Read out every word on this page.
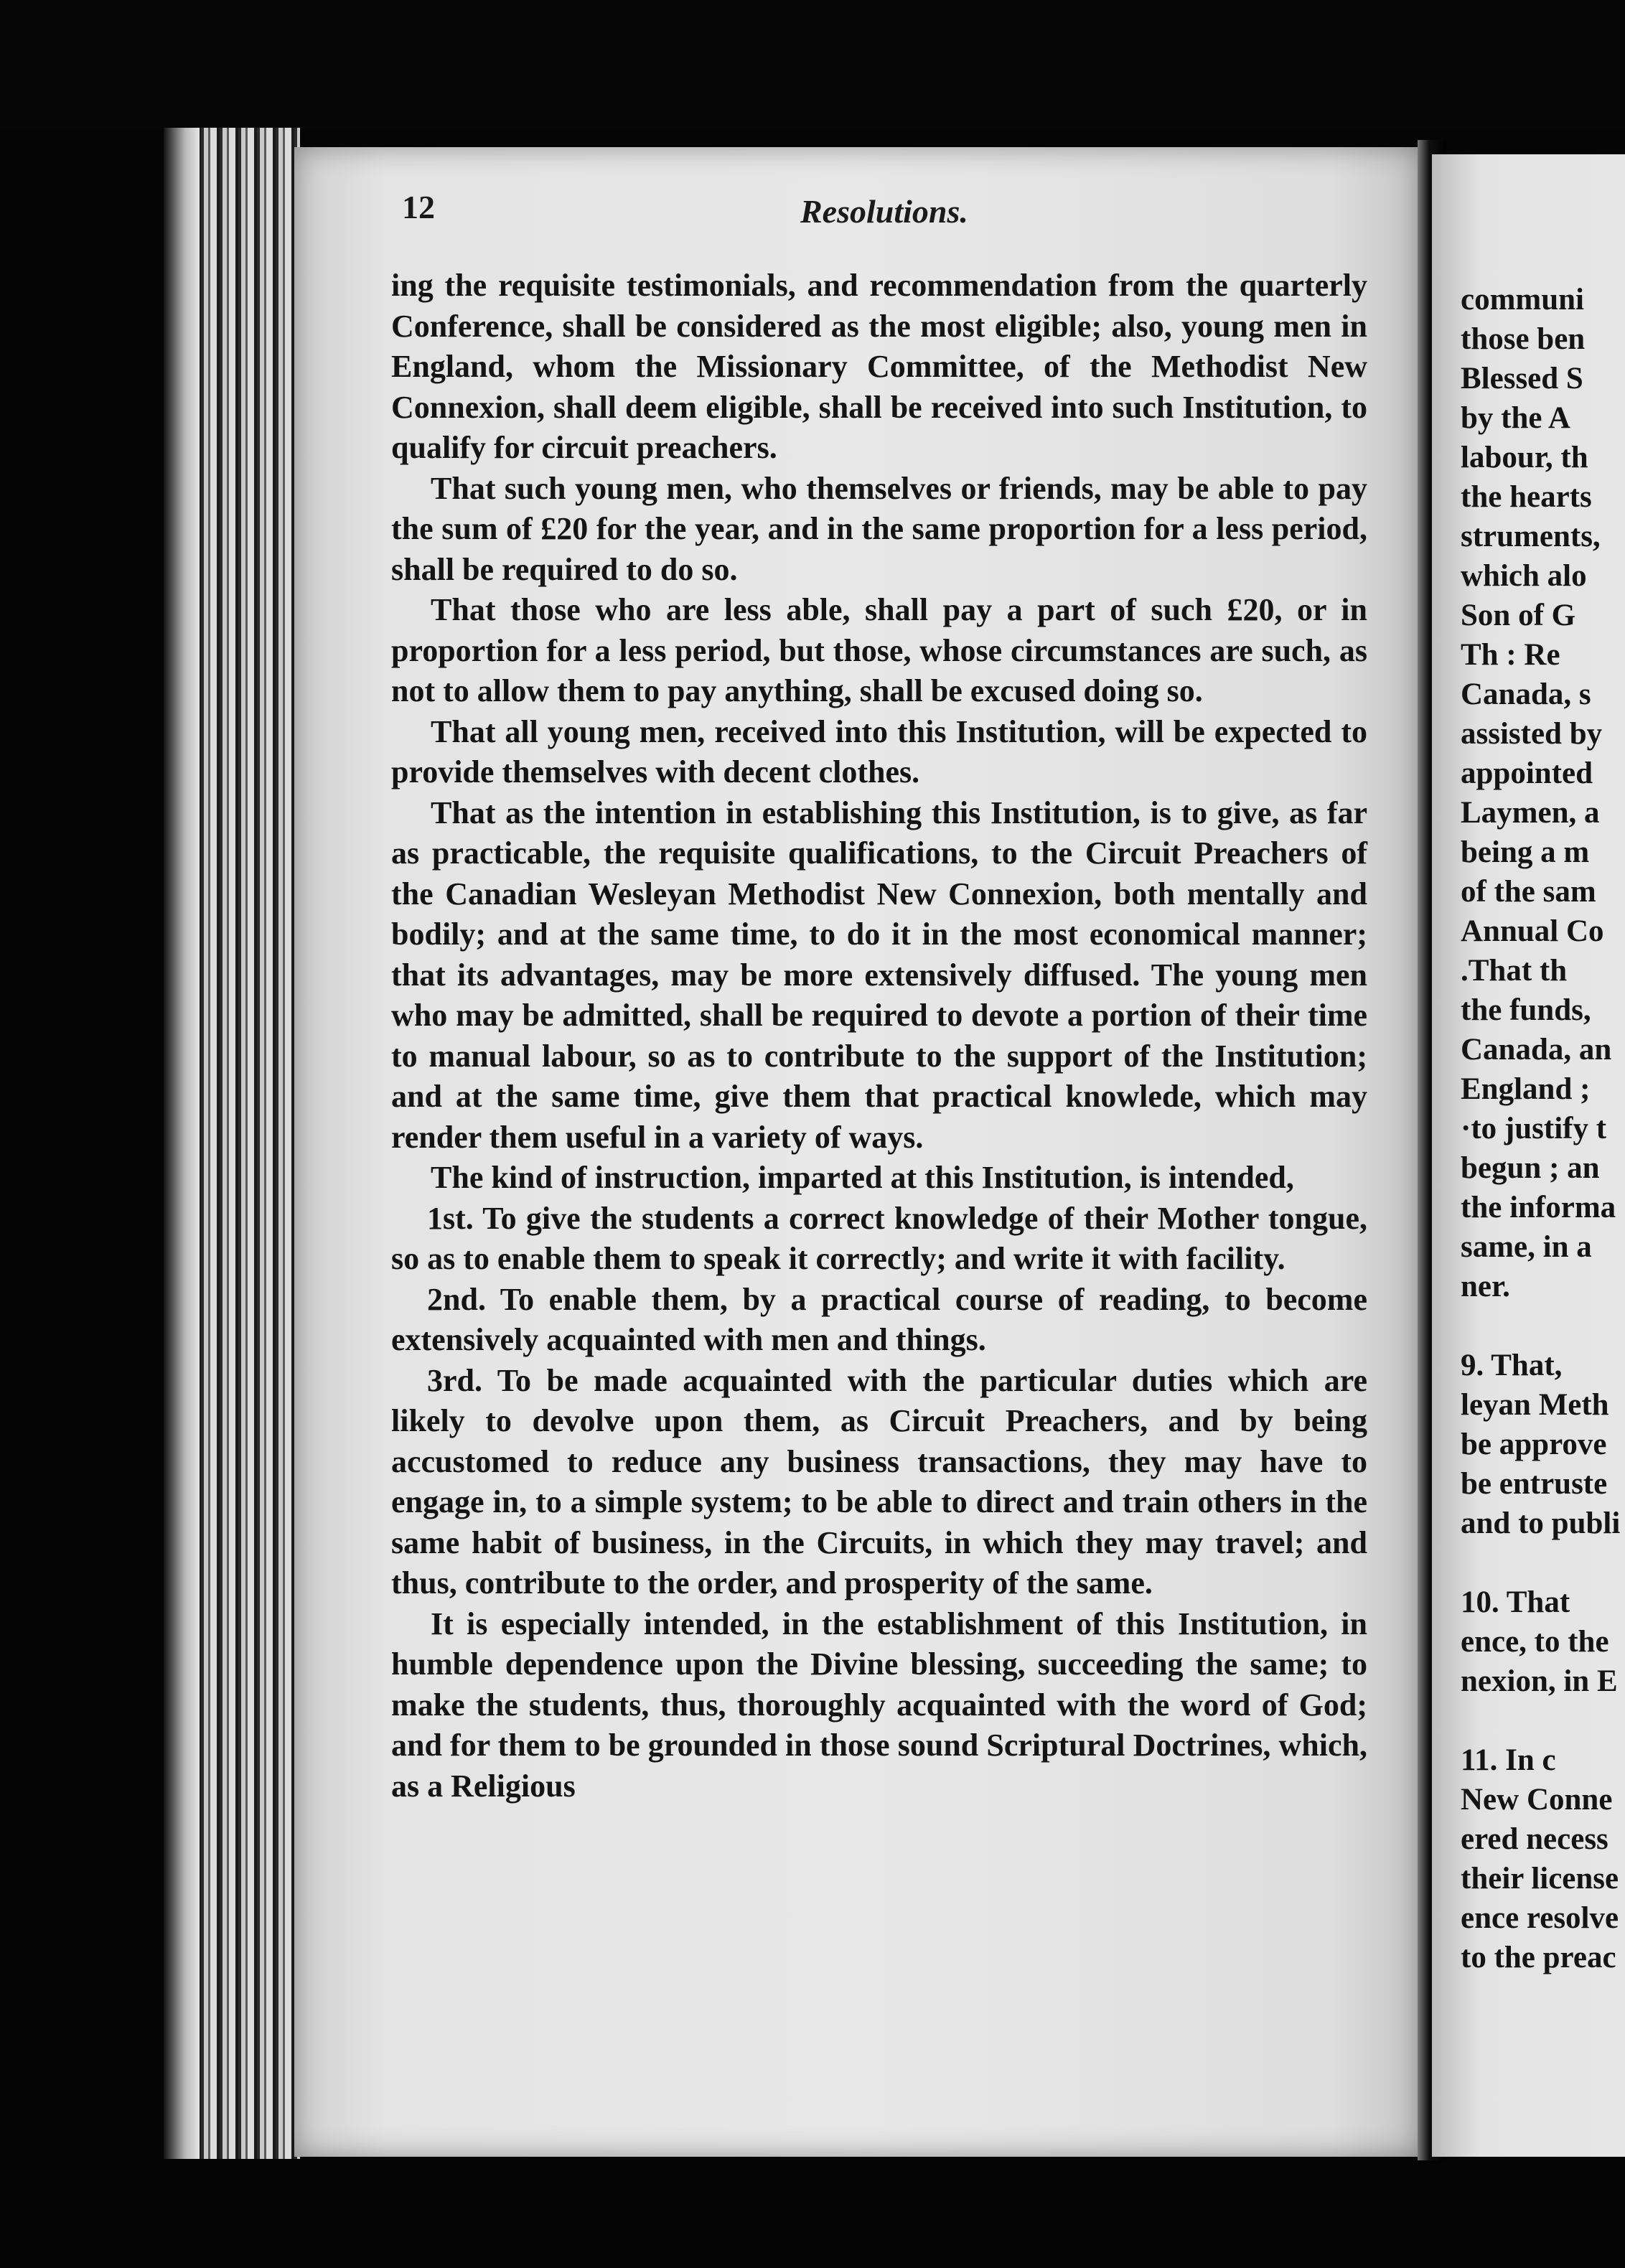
12	Resolutions.

ing the requisite testimonials, and recommendation from the quarterly Conference, shall be considered as the most eligible; also, young men in England, whom the Missionary Committee, of the Methodist New Connexion, shall deem eligible, shall be received into such Institution, to qualify for circuit preachers.

That such young men, who themselves or friends, may be able to pay the sum of £20 for the year, and in the same proportion for a less period, shall be required to do so.

That those who are less able, shall pay a part of such £20, or in proportion for a less period, but those, whose circumstances are such, as not to allow them to pay anything, shall be excused doing so.

That all young men, received into this Institution, will be expected to provide themselves with decent clothes.

That as the intention in establishing this Institution, is to give, as far as practicable, the requisite qualifications, to the Circuit Preachers of the Canadian Wesleyan Methodist New Connexion, both mentally and bodily; and at the same time, to do it in the most economical manner; that its advantages, may be more extensively diffused. The young men who may be admitted, shall be required to devote a portion of their time to manual labour, so as to contribute to the support of the Institution; and at the same time, give them that practical knowlede, which may render them useful in a variety of ways.

The kind of instruction, imparted at this Institution, is intended,

1st. To give the students a correct knowledge of their Mother tongue, so as to enable them to speak it correctly; and write it with facility.

2nd. To enable them, by a practical course of reading, to become extensively acquainted with men and things.

3rd. To be made acquainted with the particular duties which are likely to devolve upon them, as Circuit Preachers, and by being accustomed to reduce any business transactions, they may have to engage in, to a simple system; to be able to direct and train others in the same habit of business, in the Circuits, in which they may travel; and thus, contribute to the order, and prosperity of the same.

It is especially intended, in the establishment of this Institution, in humble dependence upon the Divine blessing, succeeding the same; to make the students, thus, thoroughly acquainted with the word of God; and for them to be grounded in those sound Scriptural Doctrines, which, as a Religious

communi

those ben

Blessed S

by the A

labour, th

the hearts

struments,

which alo

Son of G

Th : Re

Canada, s

assisted by

appointed

Laymen, a

being a m

of the sam

Annual Co

.That th

the funds,

Canada, an

England ;

·to justify t

begun ; an

the informa

same, in a

ner.

9. That,

leyan Meth

be approve

be entruste

and to publi

10. That

ence, to the

nexion, in E

11. In c

New Conne

ered necess

their license

ence resolve

to the preac
